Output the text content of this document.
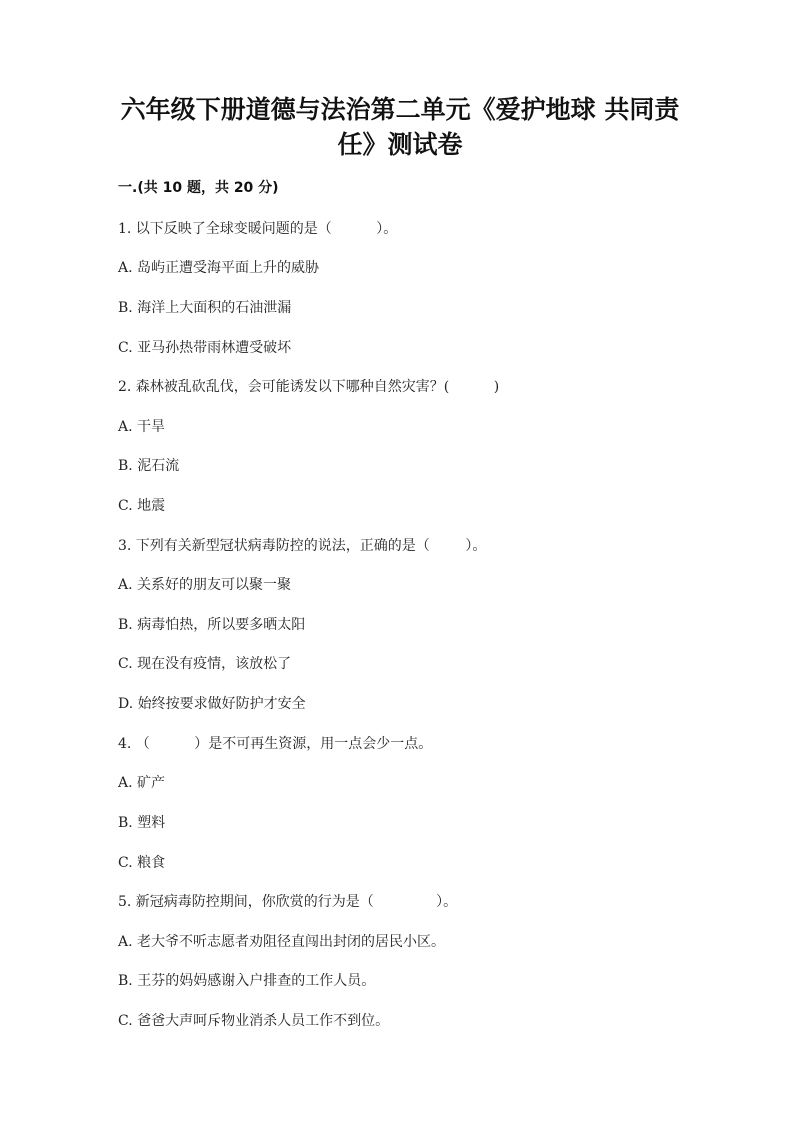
六年级下册道德与法治第二单元《爱护地球 共同责
任》测试卷
一.(共 10 题，共 20 分)
1. 以下反映了全球变暖问题的是（          ）。
A. 岛屿正遭受海平面上升的威胁
B. 海洋上大面积的石油泄漏
C. 亚马孙热带雨林遭受破坏
2. 森林被乱砍乱伐，会可能诱发以下哪种自然灾害？(          )
A. 干旱
B. 泥石流
C. 地震
3. 下列有关新型冠状病毒防控的说法，正确的是（        ）。
A. 关系好的朋友可以聚一聚
B. 病毒怕热，所以要多晒太阳
C. 现在没有疫情，该放松了
D. 始终按要求做好防护才安全
4. （          ）是不可再生资源，用一点会少一点。
A. 矿产
B. 塑料
C. 粮食
5. 新冠病毒防控期间，你欣赏的行为是（              ）。
A. 老大爷不听志愿者劝阻径直闯出封闭的居民小区。
B. 王芬的妈妈感谢入户排查的工作人员。
C. 爸爸大声呵斥物业消杀人员工作不到位。
